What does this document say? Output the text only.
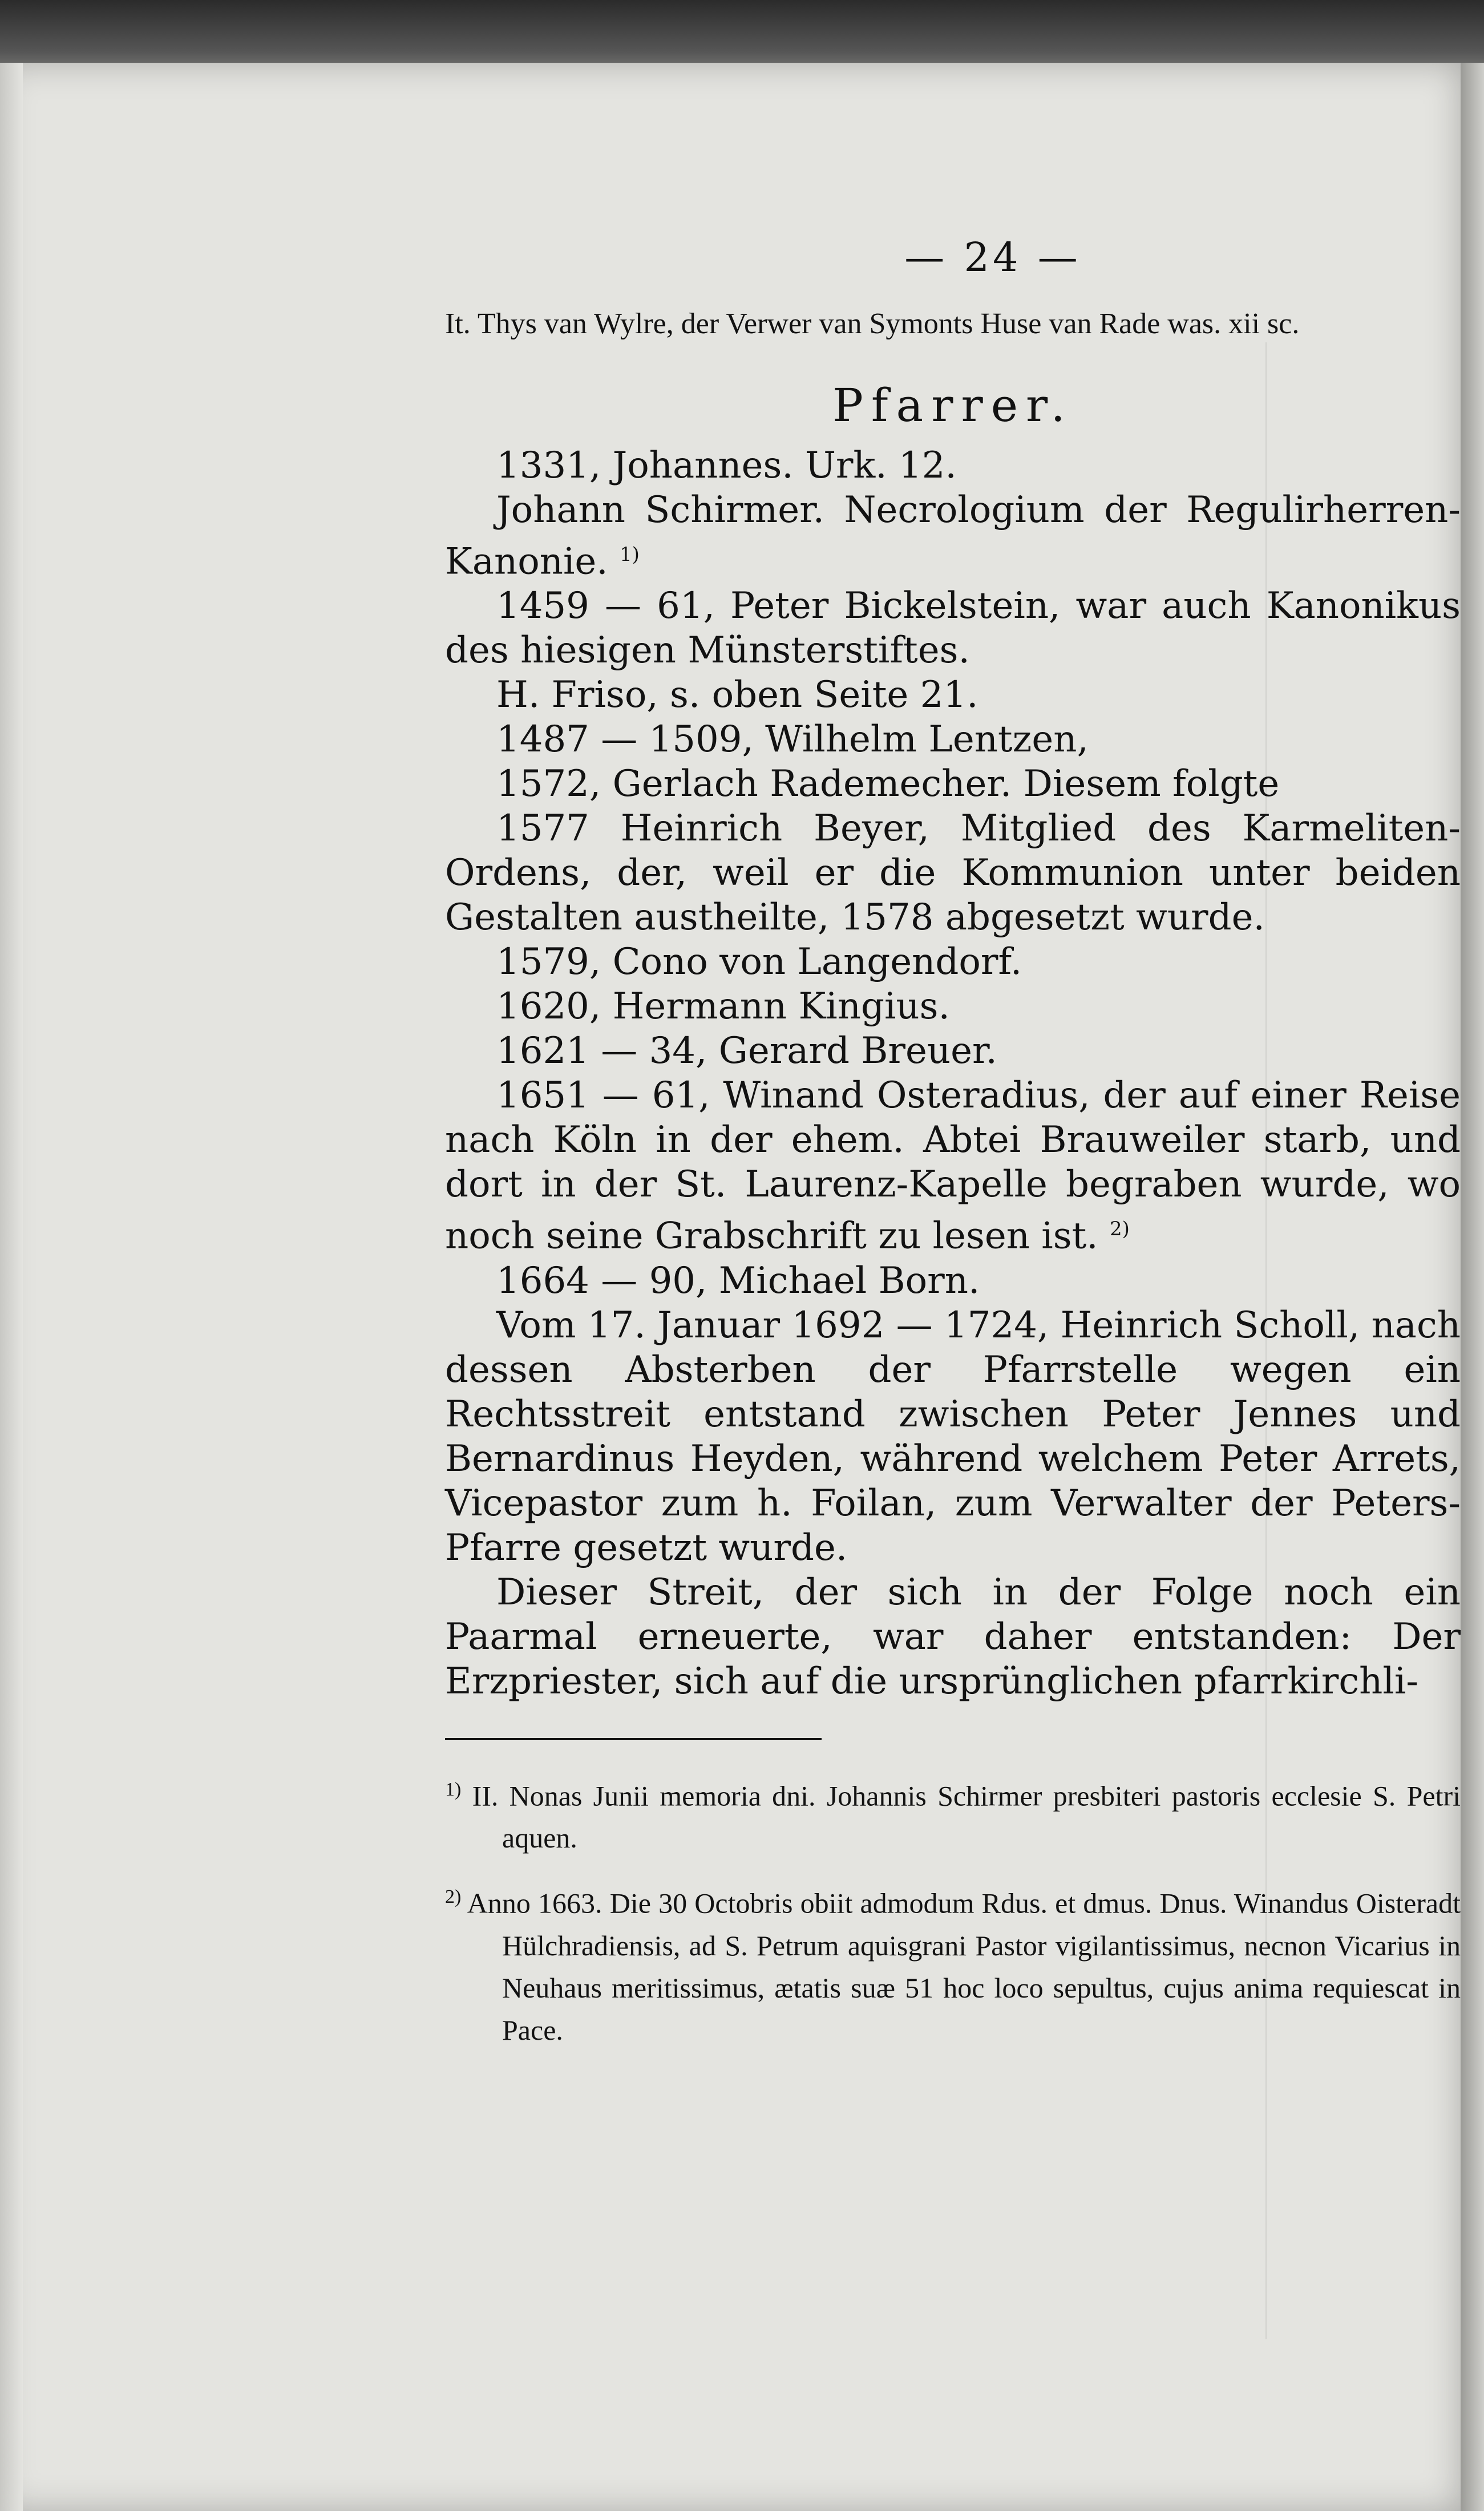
— 24 —

It. Thys van Wylre, der Verwer van Symonts Huse van Rade was. xii sc.

Pfarrer.

1331, Johannes. Urk. 12.

Johann Schirmer. Necrologium der Regulirherren-Kanonie. $^{1)}$

1459 — 61, Peter Bickelstein, war auch Kanonikus des hiesigen Münsterstiftes.

H. Friso, s. oben Seite 21.

1487 — 1509, Wilhelm Lentzen,

1572, Gerlach Rademecher. Diesem folgte

1577 Heinrich Beyer, Mitglied des Karmeliten-Ordens, der, weil er die Kommunion unter beiden Gestalten austheilte, 1578 abgesetzt wurde.

1579, Cono von Langendorf.

1620, Hermann Kingius.

1621 — 34, Gerard Breuer.

1651 — 61, Winand Osteradius, der auf einer Reise nach Köln in der ehem. Abtei Brauweiler starb, und dort in der St. Laurenz-Kapelle begraben wurde, wo noch seine Grabschrift zu lesen ist. $^{2)}$

1664 — 90, Michael Born.

Vom 17. Januar 1692 — 1724, Heinrich Scholl, nach dessen Absterben der Pfarrstelle wegen ein Rechtsstreit entstand zwischen Peter Jennes und Bernardinus Heyden, während welchem Peter Arrets, Vicepastor zum h. Foilan, zum Verwalter der Peters-Pfarre gesetzt wurde.

Dieser Streit, der sich in der Folge noch ein Paarmal erneuerte, war daher entstanden: Der Erzpriester, sich auf die ursprünglichen pfarrkirchli-

$^{1)}$ II. Nonas Junii memoria dni. Johannis Schirmer presbiteri pastoris ecclesie S. Petri aquen.

$^{2)}$ Anno 1663. Die 30 Octobris obiit admodum Rdus. et dmus. Dnus. Winandus Oisteradt Hülchradiensis, ad S. Petrum aquisgrani Pastor vigilantissimus, necnon Vicarius in Neuhaus meritissimus, ætatis suæ 51 hoc loco sepultus, cujus anima requiescat in Pace.
